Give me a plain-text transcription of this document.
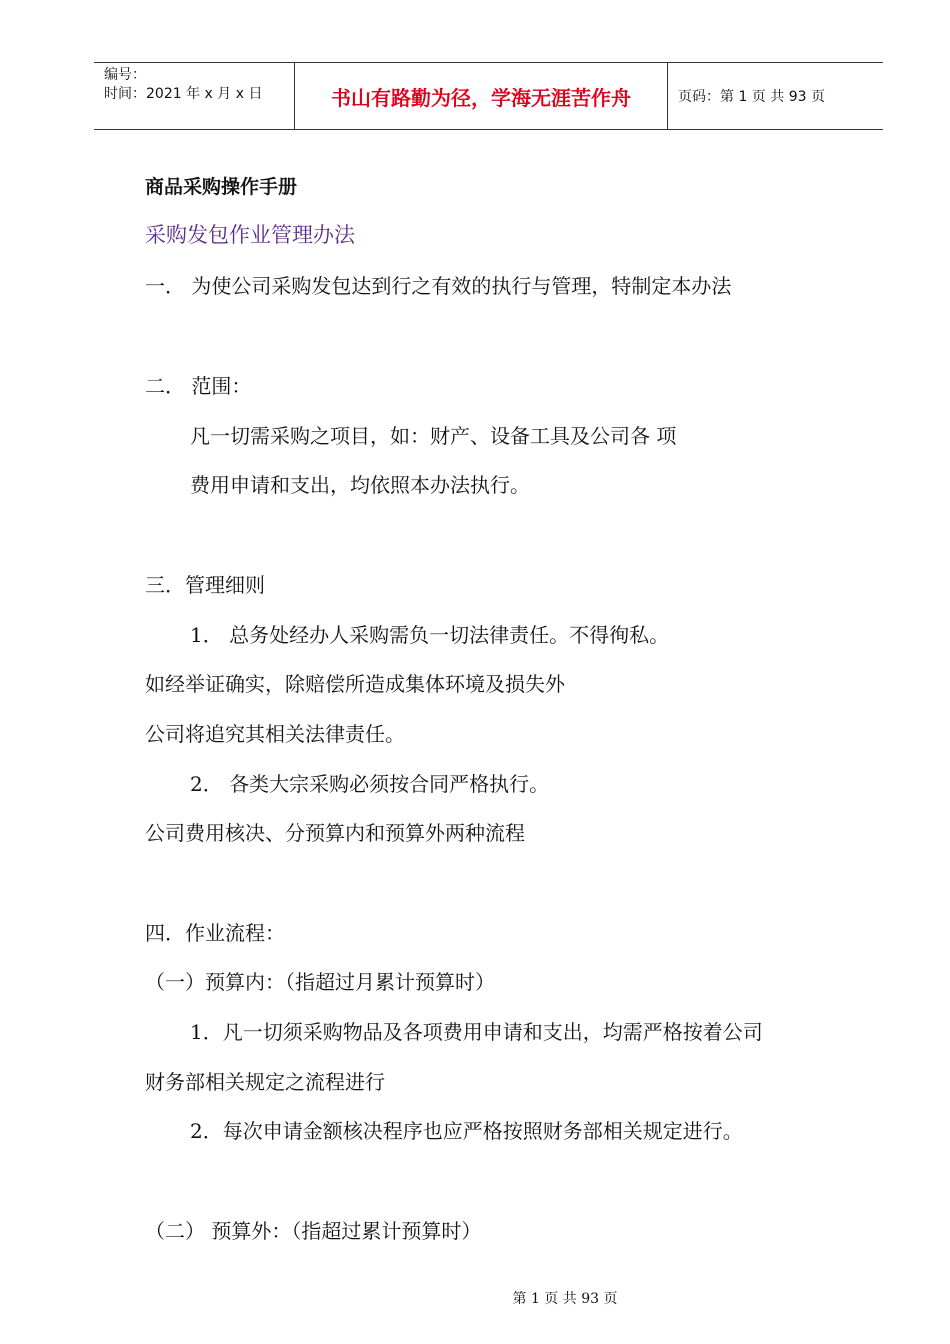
编号：
时间：2021 年 x 月 x 日	书山有路勤为径，学海无涯苦作舟	页码：第 1 页 共 93 页
商品采购操作手册
采购发包作业管理办法
一． 为使公司采购发包达到行之有效的执行与管理，特制定本办法
二． 范围：
凡一切需采购之项目，如：财产、设备工具及公司各 项
费用申请和支出，均依照本办法执行。
三．管理细则
1． 总务处经办人采购需负一切法律责任。不得徇私。
如经举证确实，除赔偿所造成集体环境及损失外
公司将追究其相关法律责任。
2． 各类大宗采购必须按合同严格执行。
公司费用核决、分预算内和预算外两种流程
四．作业流程：
（一）预算内：（指超过月累计预算时）
1．凡一切须采购物品及各项费用申请和支出，均需严格按着公司
财务部相关规定之流程进行
2．每次申请金额核决程序也应严格按照财务部相关规定进行。
（二） 预算外：（指超过累计预算时）
第 1 页 共 93 页
